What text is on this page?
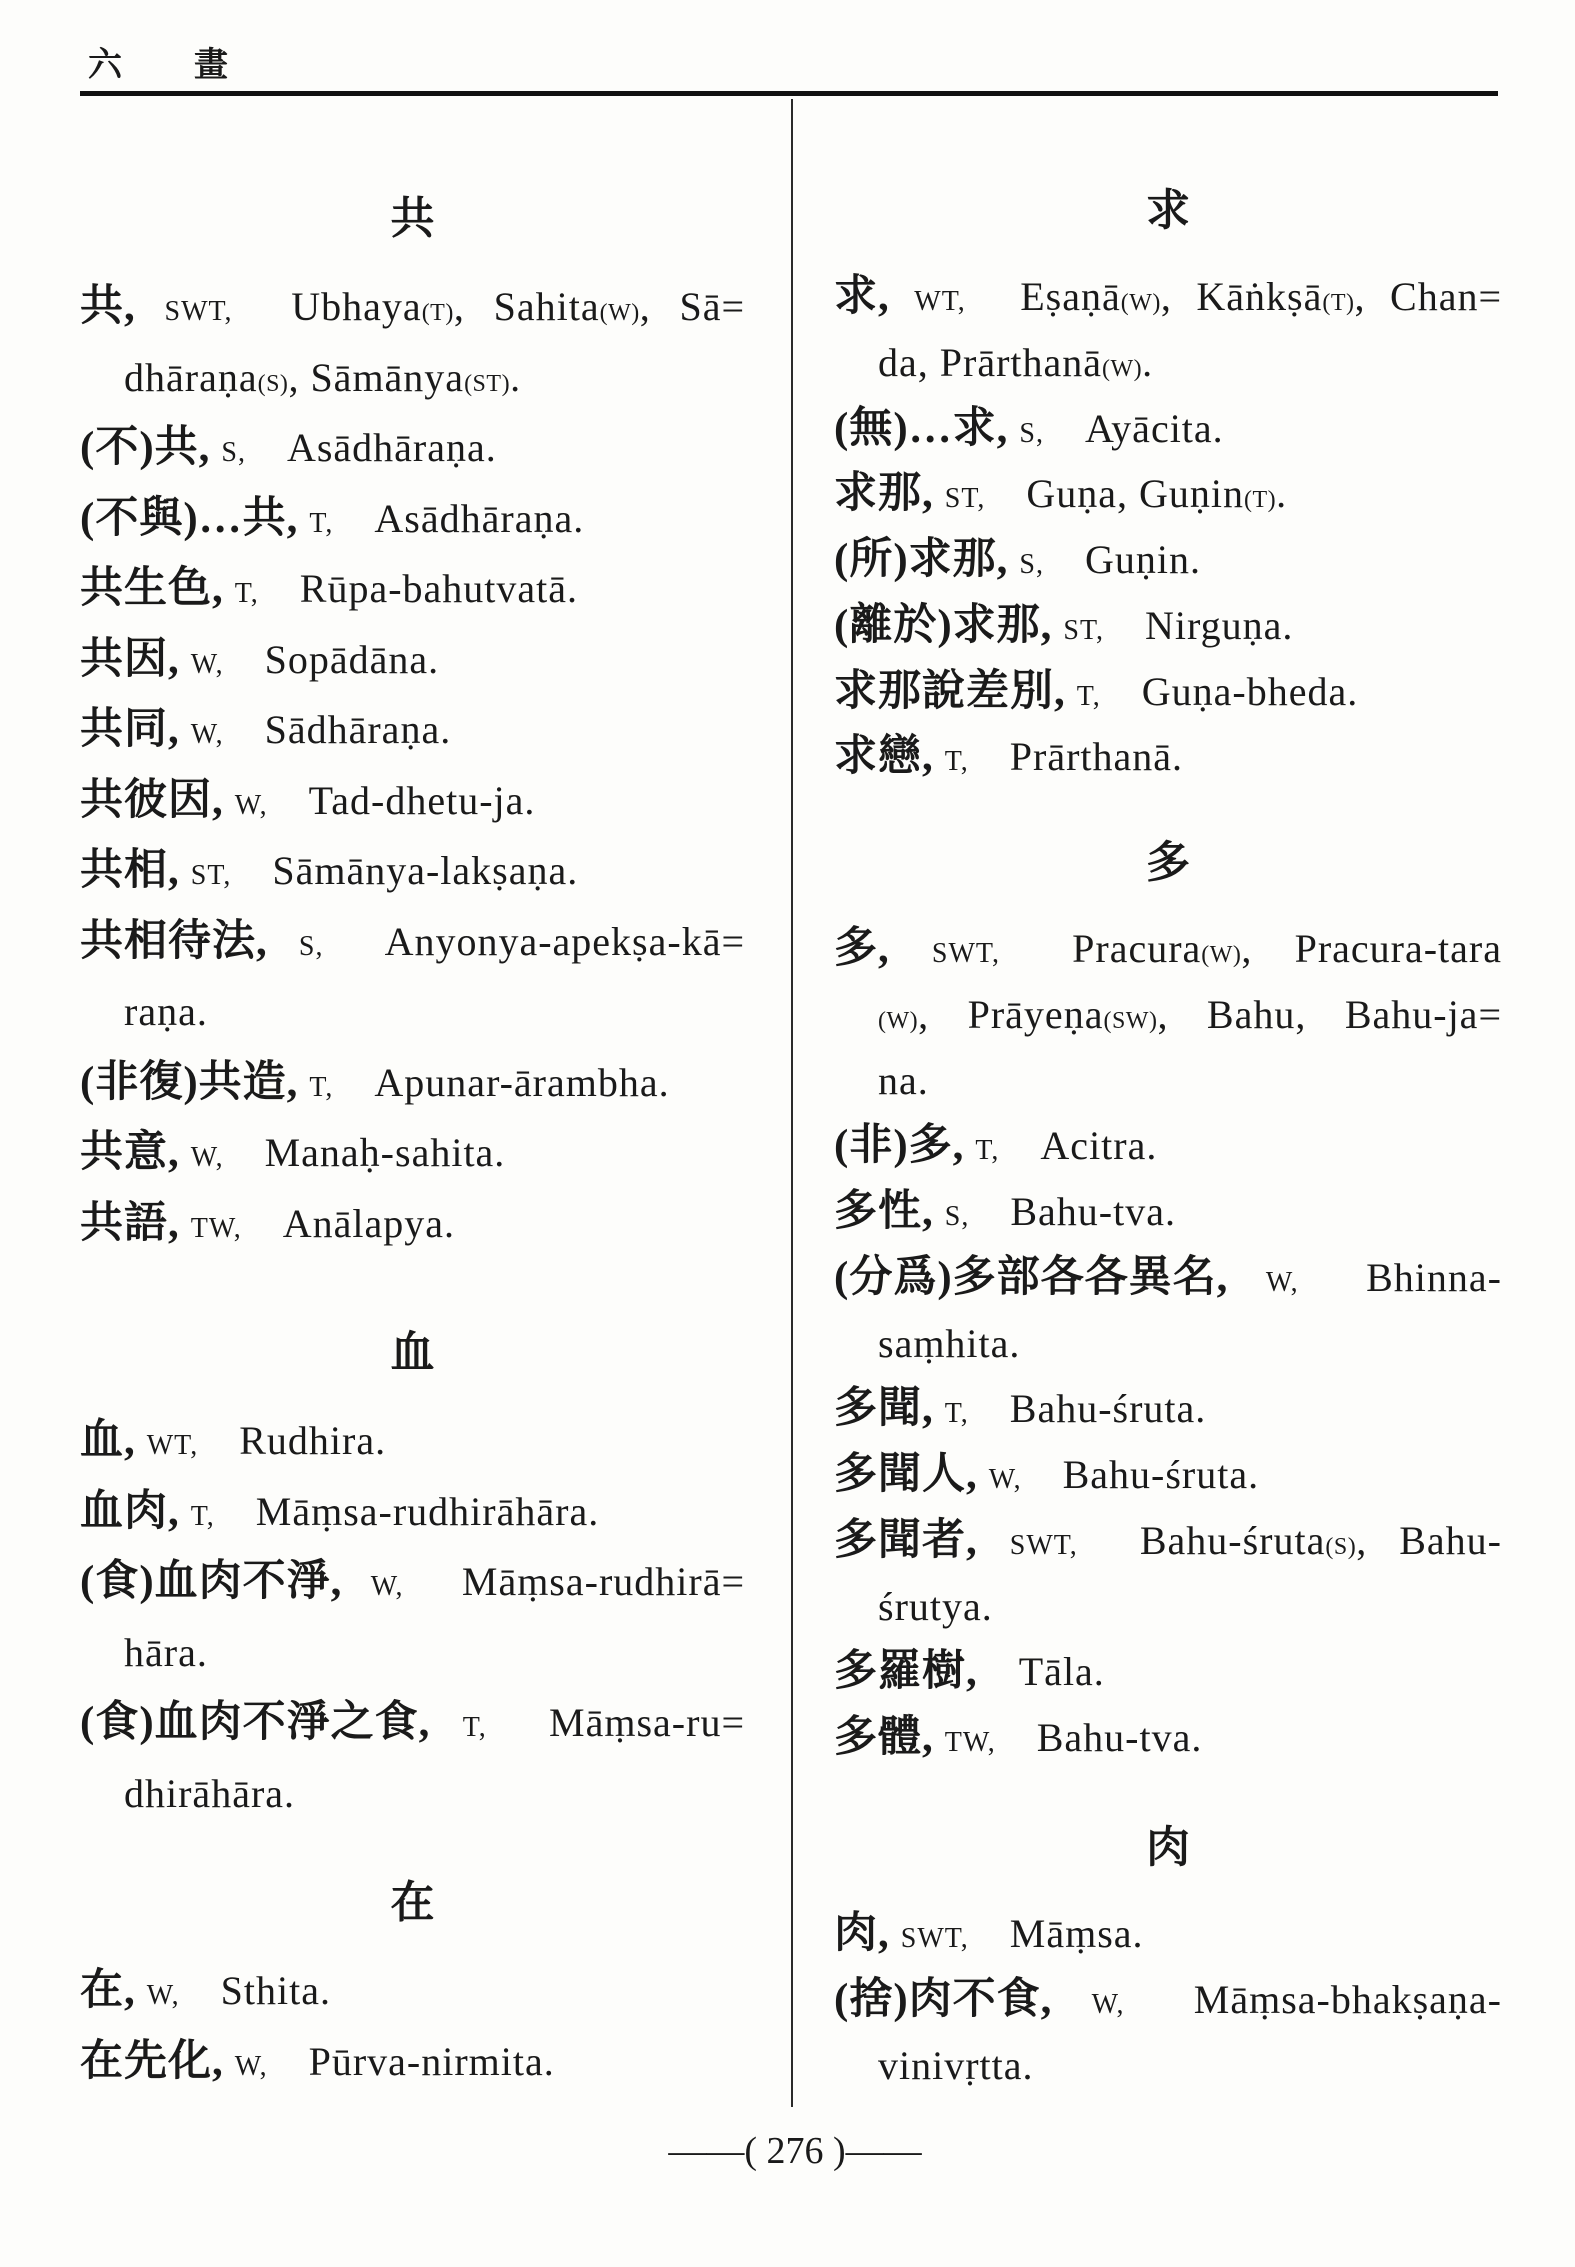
六　畫
共
共, SWT, Ubhaya(T), Sahita(W), Sā=
dhāraṇa(S), Sāmānya(ST).
(不)共, S, Asādhāraṇa.
(不與)…共, T, Asādhāraṇa.
共生色, T, Rūpa-bahutvatā.
共因, W, Sopādāna.
共同, W, Sādhāraṇa.
共彼因, W, Tad-dhetu-ja.
共相, ST, Sāmānya-lakṣaṇa.
共相待法, S, Anyonya-apekṣa-kā=
raṇa.
(非復)共造, T, Apunar-ārambha.
共意, W, Manaḥ-sahita.
共語, TW, Anālapya.
血
血, WT, Rudhira.
血肉, T, Māṃsa-rudhirāhāra.
(食)血肉不淨, W, Māṃsa-rudhirā=
hāra.
(食)血肉不淨之食, T, Māṃsa-ru=
dhirāhāra.
在
在, W, Sthita.
在先化, W, Pūrva-nirmita.
求
求, WT, Eṣaṇā(W), Kāṅkṣā(T), Chan=
da, Prārthanā(W).
(無)…求, S, Ayācita.
求那, ST, Guṇa, Guṇin(T).
(所)求那, S, Guṇin.
(離於)求那, ST, Nirguṇa.
求那說差別, T, Guṇa-bheda.
求戀, T, Prārthanā.
多
多, SWT, Pracura(W), Pracura-tara
(W), Prāyeṇa(SW), Bahu, Bahu-ja=
na.
(非)多, T, Acitra.
多性, S, Bahu-tva.
(分爲)多部各各異名, W, Bhinna-
saṃhita.
多聞, T, Bahu-śruta.
多聞人, W, Bahu-śruta.
多聞者, SWT, Bahu-śruta(S), Bahu-
śrutya.
多羅樹, Tāla.
多體, TW, Bahu-tva.
肉
肉, SWT, Māṃsa.
(捨)肉不食, W, Māṃsa-bhakṣaṇa-
vinivṛtta.
——( 276 )——
